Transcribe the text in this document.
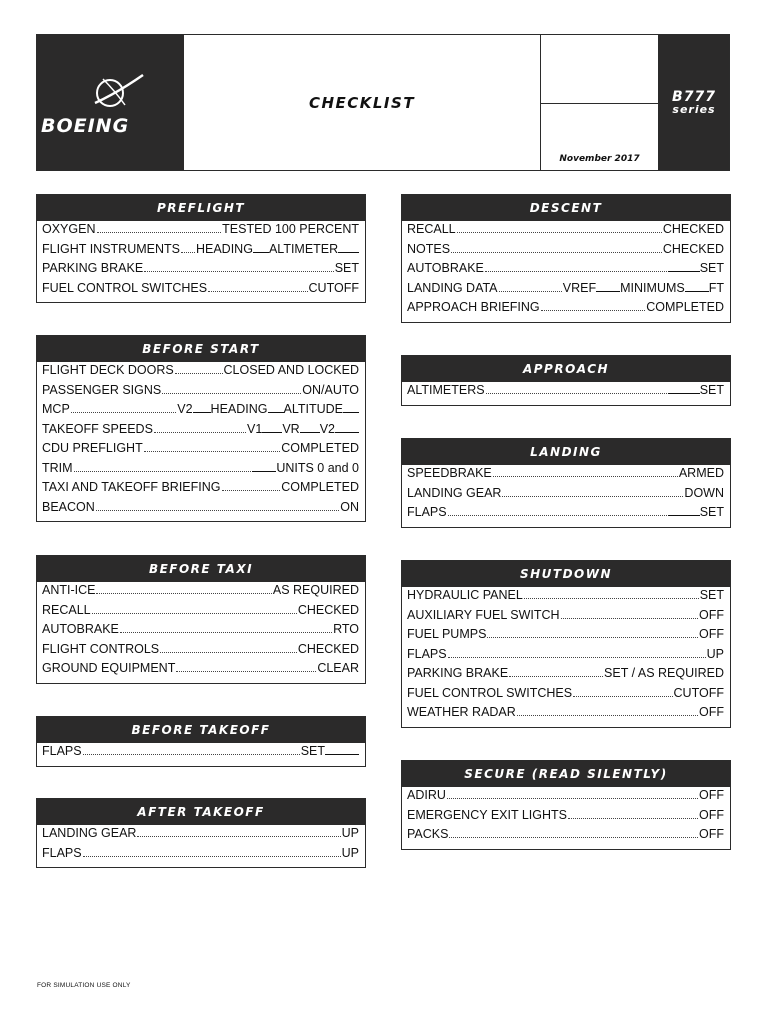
BOEING
CHECKLIST
November 2017
B777
series
PREFLIGHT
OXYGEN	TESTED 100 PERCENT
FLIGHT INSTRUMENTS HEADING ALTIMETER
PARKING BRAKE	SET
FUEL CONTROL SWITCHES	CUTOFF
BEFORE START
FLIGHT DECK DOORS	CLOSED AND LOCKED
PASSENGER SIGNS	ON/AUTO
MCP	V2 HEADING ALTITUDE
TAKEOFF SPEEDS	V1 VR V2
CDU PREFLIGHT	COMPLETED
TRIM	UNITS 0 and 0
TAXI AND TAKEOFF BRIEFING	COMPLETED
BEACON	ON
BEFORE TAXI
ANTI-ICE	AS REQUIRED
RECALL	CHECKED
AUTOBRAKE	RTO
FLIGHT CONTROLS	CHECKED
GROUND EQUIPMENT	CLEAR
BEFORE TAKEOFF
FLAPS	SET
AFTER TAKEOFF
LANDING GEAR	UP
FLAPS	UP
DESCENT
RECALL	CHECKED
NOTES	CHECKED
AUTOBRAKE	SET
LANDING DATA	VREF MINIMUMS FT
APPROACH BRIEFING	COMPLETED
APPROACH
ALTIMETERS	SET
LANDING
SPEEDBRAKE	ARMED
LANDING GEAR	DOWN
FLAPS	SET
SHUTDOWN
HYDRAULIC PANEL	SET
AUXILIARY FUEL SWITCH	OFF
FUEL PUMPS	OFF
FLAPS	UP
PARKING BRAKE	SET / AS REQUIRED
FUEL CONTROL SWITCHES	CUTOFF
WEATHER RADAR	OFF
SECURE (READ SILENTLY)
ADIRU	OFF
EMERGENCY EXIT LIGHTS	OFF
PACKS	OFF
FOR SIMULATION USE ONLY
